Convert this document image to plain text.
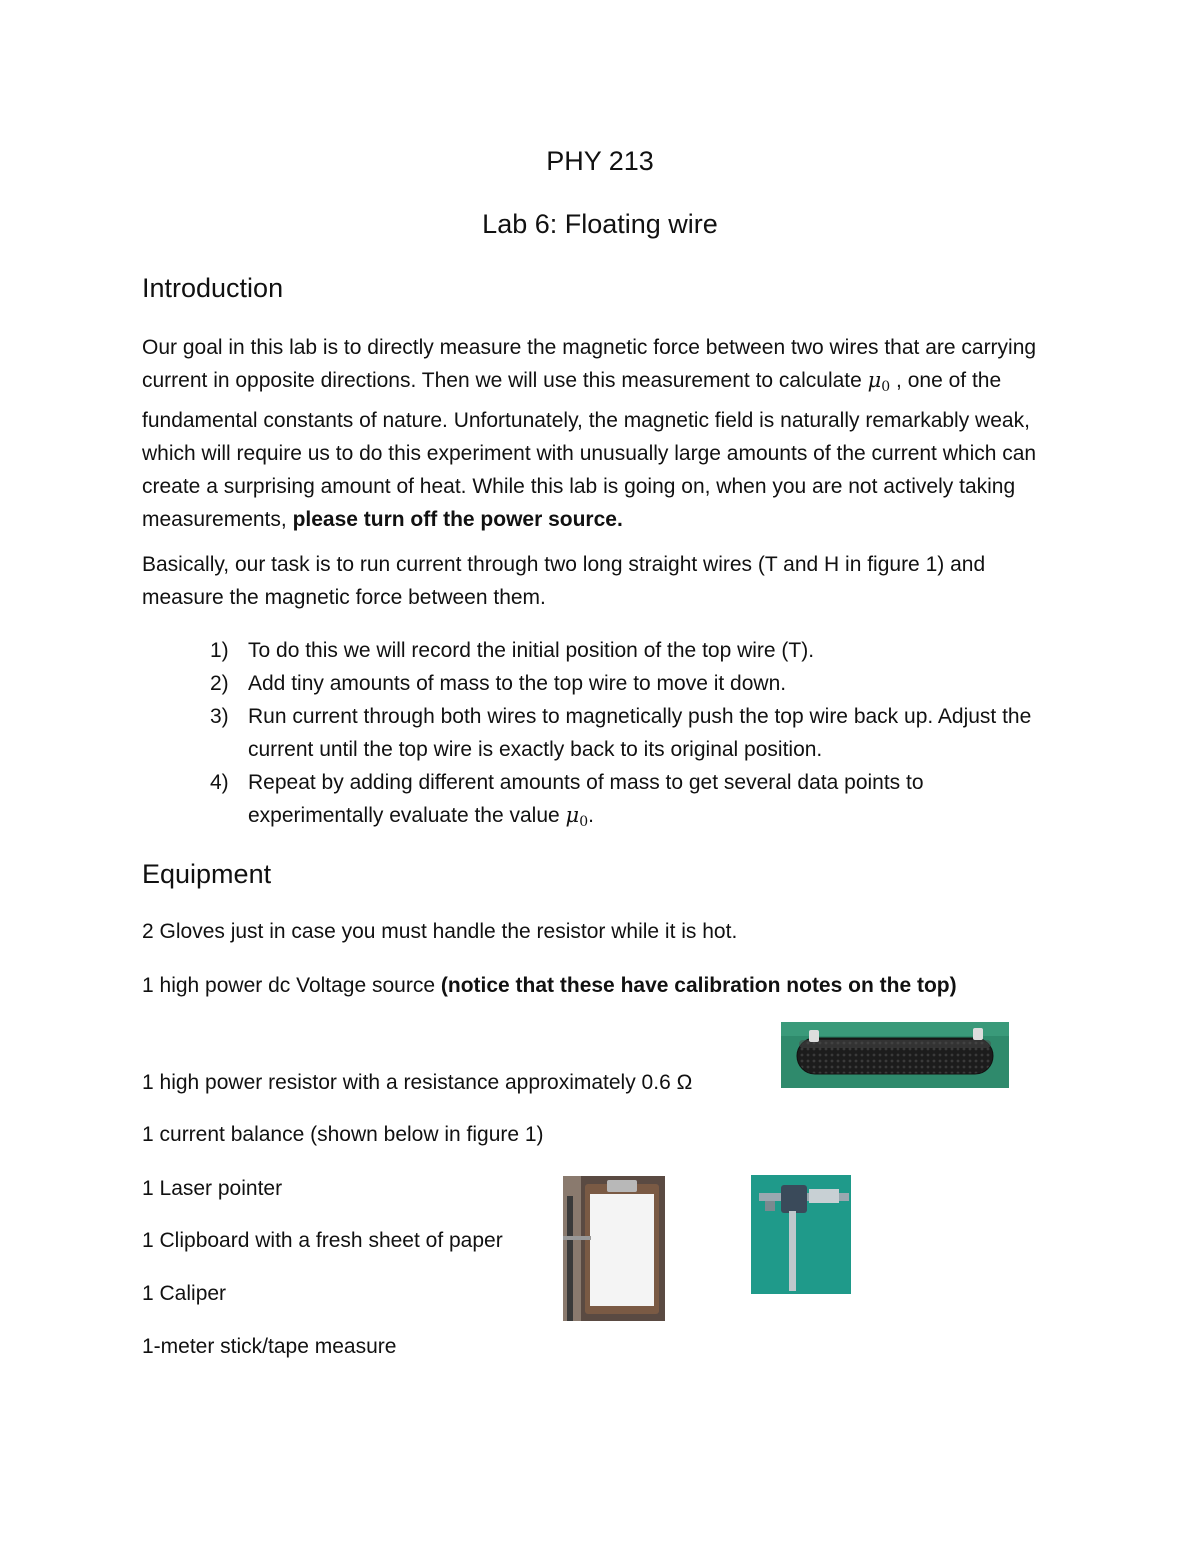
PHY 213
Lab 6: Floating wire
Introduction
Our goal in this lab is to directly measure the magnetic force between two wires that are carrying current in opposite directions. Then we will use this measurement to calculate $\mu_0$ , one of the fundamental constants of nature. Unfortunately, the magnetic field is naturally remarkably weak, which will require us to do this experiment with unusually large amounts of the current which can create a surprising amount of heat. While this lab is going on, when you are not actively taking measurements, please turn off the power source.
Basically, our task is to run current through two long straight wires (T and H in figure 1) and measure the magnetic force between them.
1) To do this we will record the initial position of the top wire (T).
2) Add tiny amounts of mass to the top wire to move it down.
3) Run current through both wires to magnetically push the top wire back up. Adjust the current until the top wire is exactly back to its original position.
4) Repeat by adding different amounts of mass to get several data points to experimentally evaluate the value $\mu_0$.
Equipment
2 Gloves just in case you must handle the resistor while it is hot.
1 high power dc Voltage source (notice that these have calibration notes on the top)
1 high power resistor with a resistance approximately 0.6 Ω
1 current balance (shown below in figure 1)
1 Laser pointer
1 Clipboard with a fresh sheet of paper
1 Caliper
1-meter stick/tape measure
